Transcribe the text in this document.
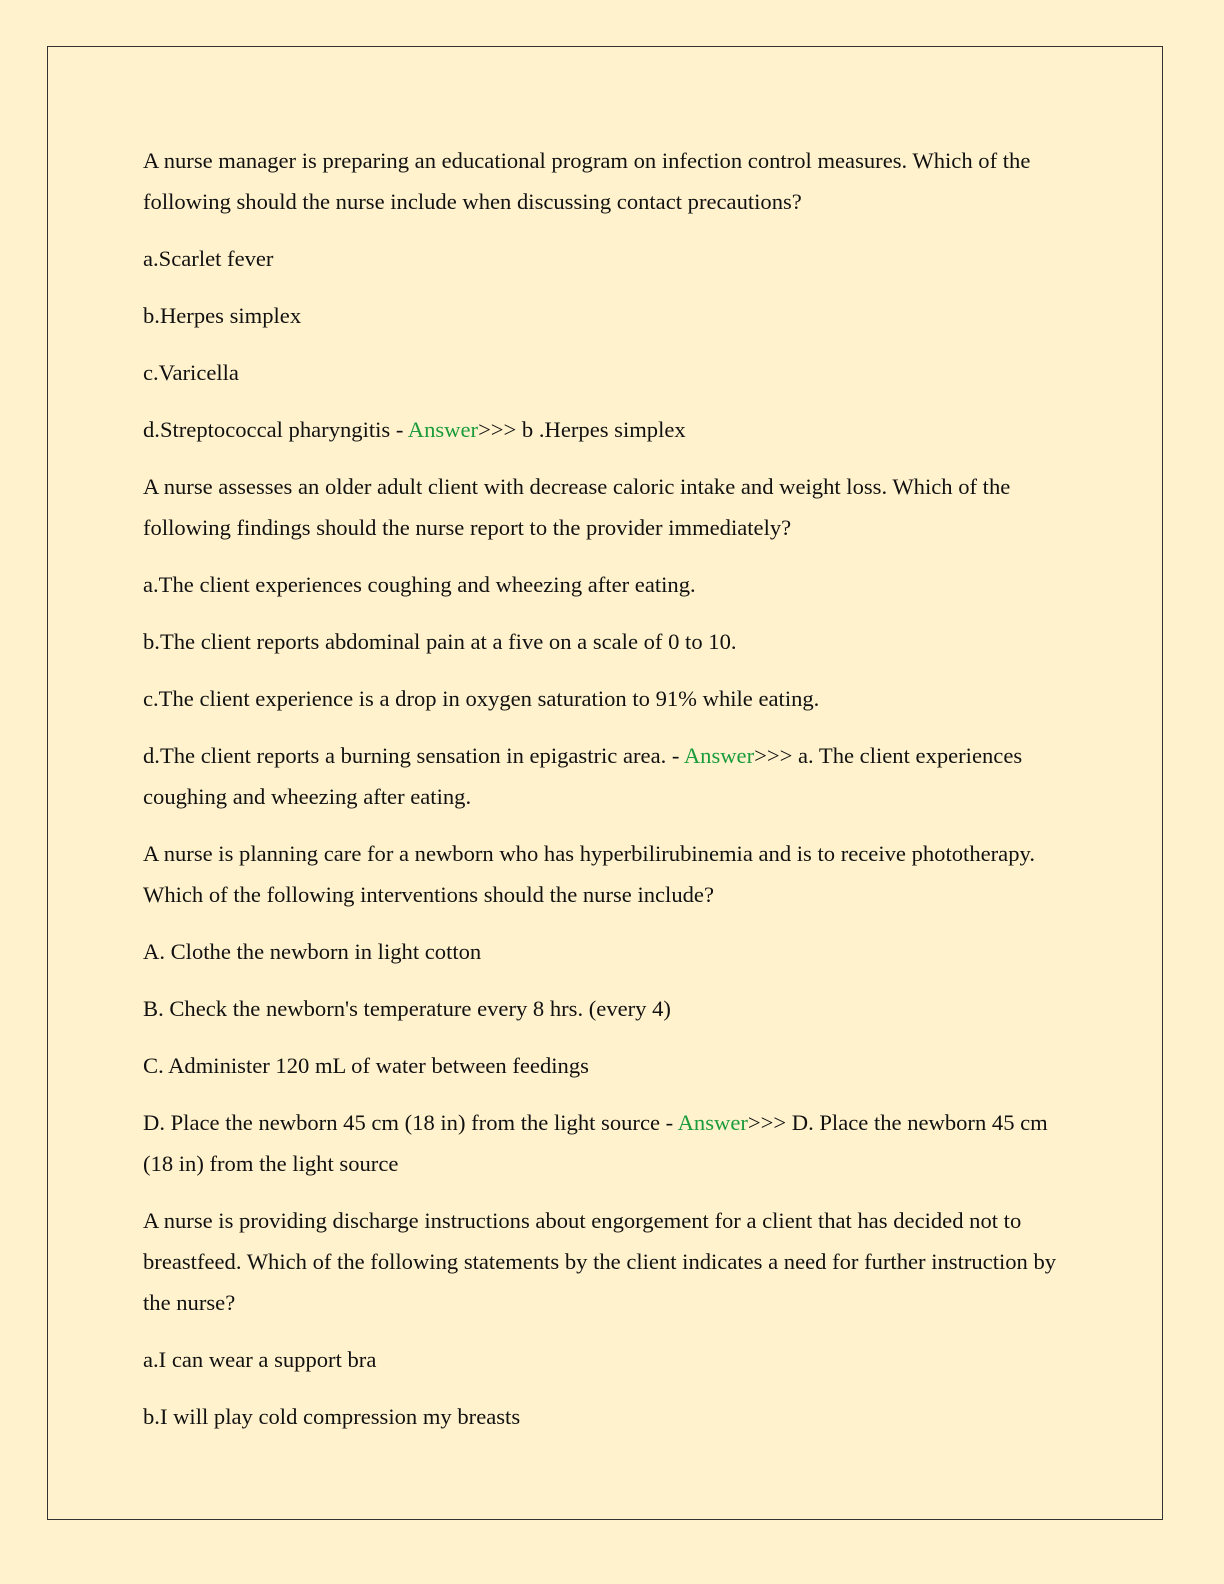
A nurse manager is preparing an educational program on infection control measures. Which of the following should the nurse include when discussing contact precautions?

a.Scarlet fever

b.Herpes simplex

c.Varicella

d.Streptococcal pharyngitis - Answer>>> b .Herpes simplex

A nurse assesses an older adult client with decrease caloric intake and weight loss. Which of the following findings should the nurse report to the provider immediately?

a.The client experiences coughing and wheezing after eating.

b.The client reports abdominal pain at a five on a scale of 0 to 10.

c.The client experience is a drop in oxygen saturation to 91% while eating.

d.The client reports a burning sensation in epigastric area. - Answer>>> a. The client experiences coughing and wheezing after eating.

A nurse is planning care for a newborn who has hyperbilirubinemia and is to receive phototherapy. Which of the following interventions should the nurse include?

A. Clothe the newborn in light cotton

B. Check the newborn's temperature every 8 hrs. (every 4)

C. Administer 120 mL of water between feedings

D. Place the newborn 45 cm (18 in) from the light source - Answer>>> D. Place the newborn 45 cm (18 in) from the light source

A nurse is providing discharge instructions about engorgement for a client that has decided not to breastfeed. Which of the following statements by the client indicates a need for further instruction by the nurse?

a.I can wear a support bra

b.I will play cold compression my breasts
